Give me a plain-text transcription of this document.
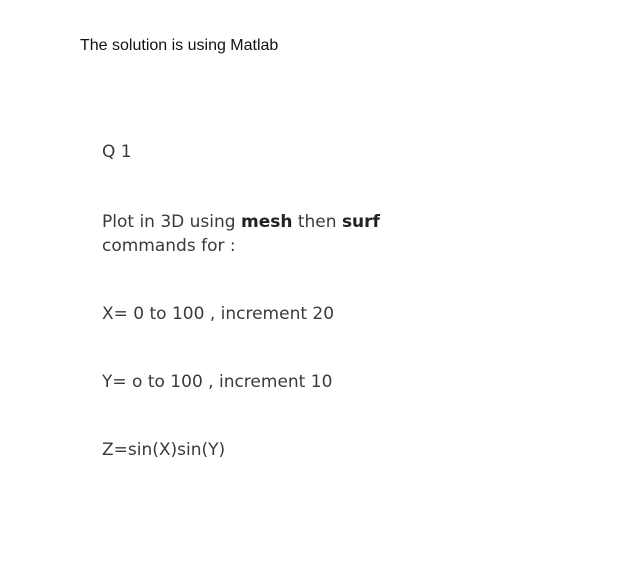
The solution is using Matlab
Q 1
Plot in 3D using mesh then surf
commands for :
X= 0 to 100 , increment 20
Y= o to 100 , increment 10
Z=sin(X)sin(Y)
